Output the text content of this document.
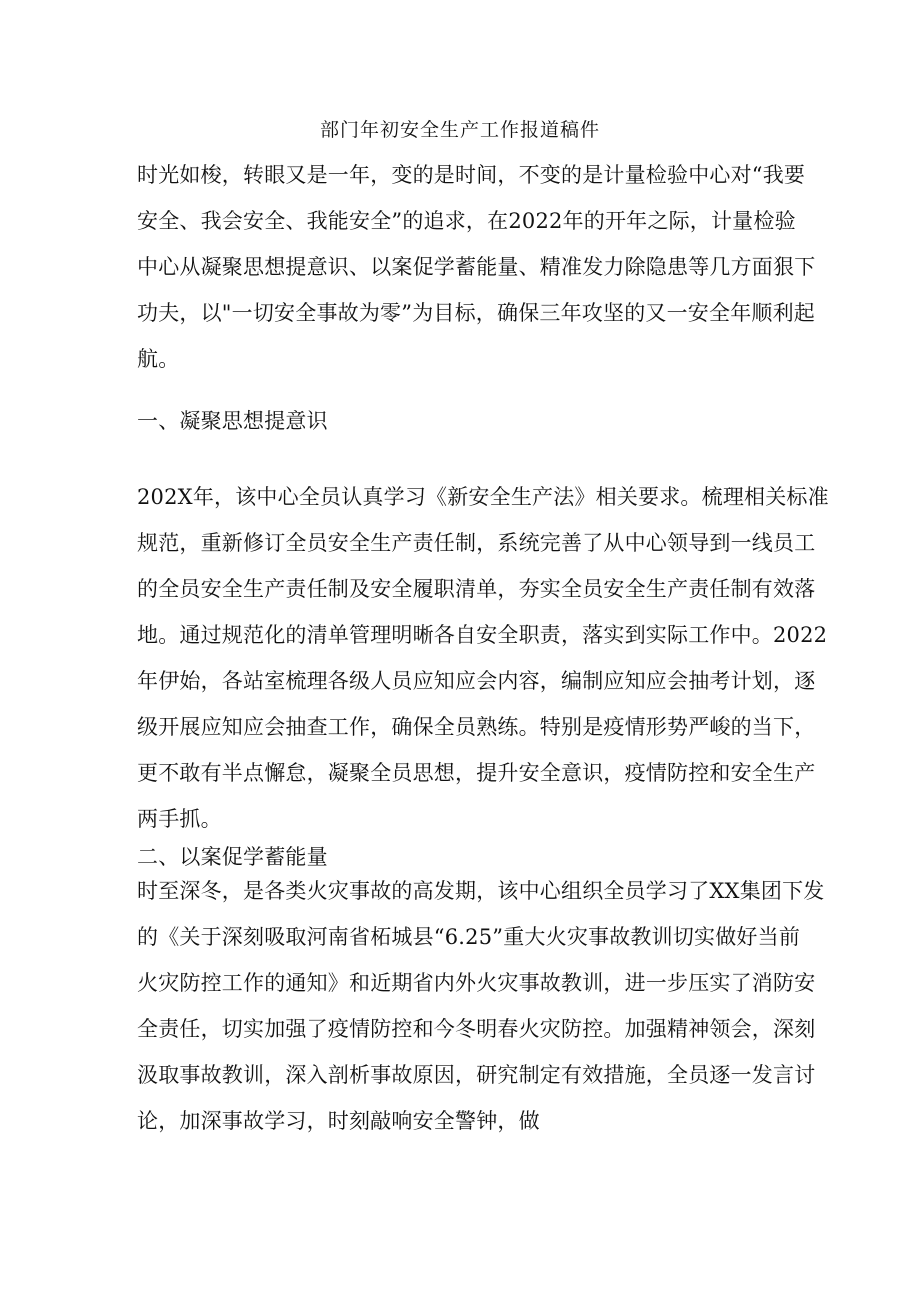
部门年初安全生产工作报道稿件
时光如梭，转眼又是一年，变的是时间，不变的是计量检验中心对“我要
安全、我会安全、我能安全”的追求，在2022年的开年之际，计量检验
中心从凝聚思想提意识、以案促学蓄能量、精准发力除隐患等几方面狠下
功夫，以"一切安全事故为零”为目标，确保三年攻坚的又一安全年顺利起
航。
一、凝聚思想提意识
202X年，该中心全员认真学习《新安全生产法》相关要求。梳理相关标准
规范，重新修订全员安全生产责任制，系统完善了从中心领导到一线员工
的全员安全生产责任制及安全履职清单，夯实全员安全生产责任制有效落
地。通过规范化的清单管理明晰各自安全职责，落实到实际工作中。2022
年伊始，各站室梳理各级人员应知应会内容，编制应知应会抽考计划，逐
级开展应知应会抽查工作，确保全员熟练。特别是疫情形势严峻的当下，
更不敢有半点懈怠，凝聚全员思想，提升安全意识，疫情防控和安全生产
两手抓。
二、以案促学蓄能量
时至深冬，是各类火灾事故的高发期，该中心组织全员学习了XX集团下发
的《关于深刻吸取河南省柘城县“6.25”重大火灾事故教训切实做好当前
火灾防控工作的通知》和近期省内外火灾事故教训，进一步压实了消防安
全责任，切实加强了疫情防控和今冬明春火灾防控。加强精神领会，深刻
汲取事故教训，深入剖析事故原因，研究制定有效措施，全员逐一发言讨
论，加深事故学习，时刻敲响安全警钟，做
